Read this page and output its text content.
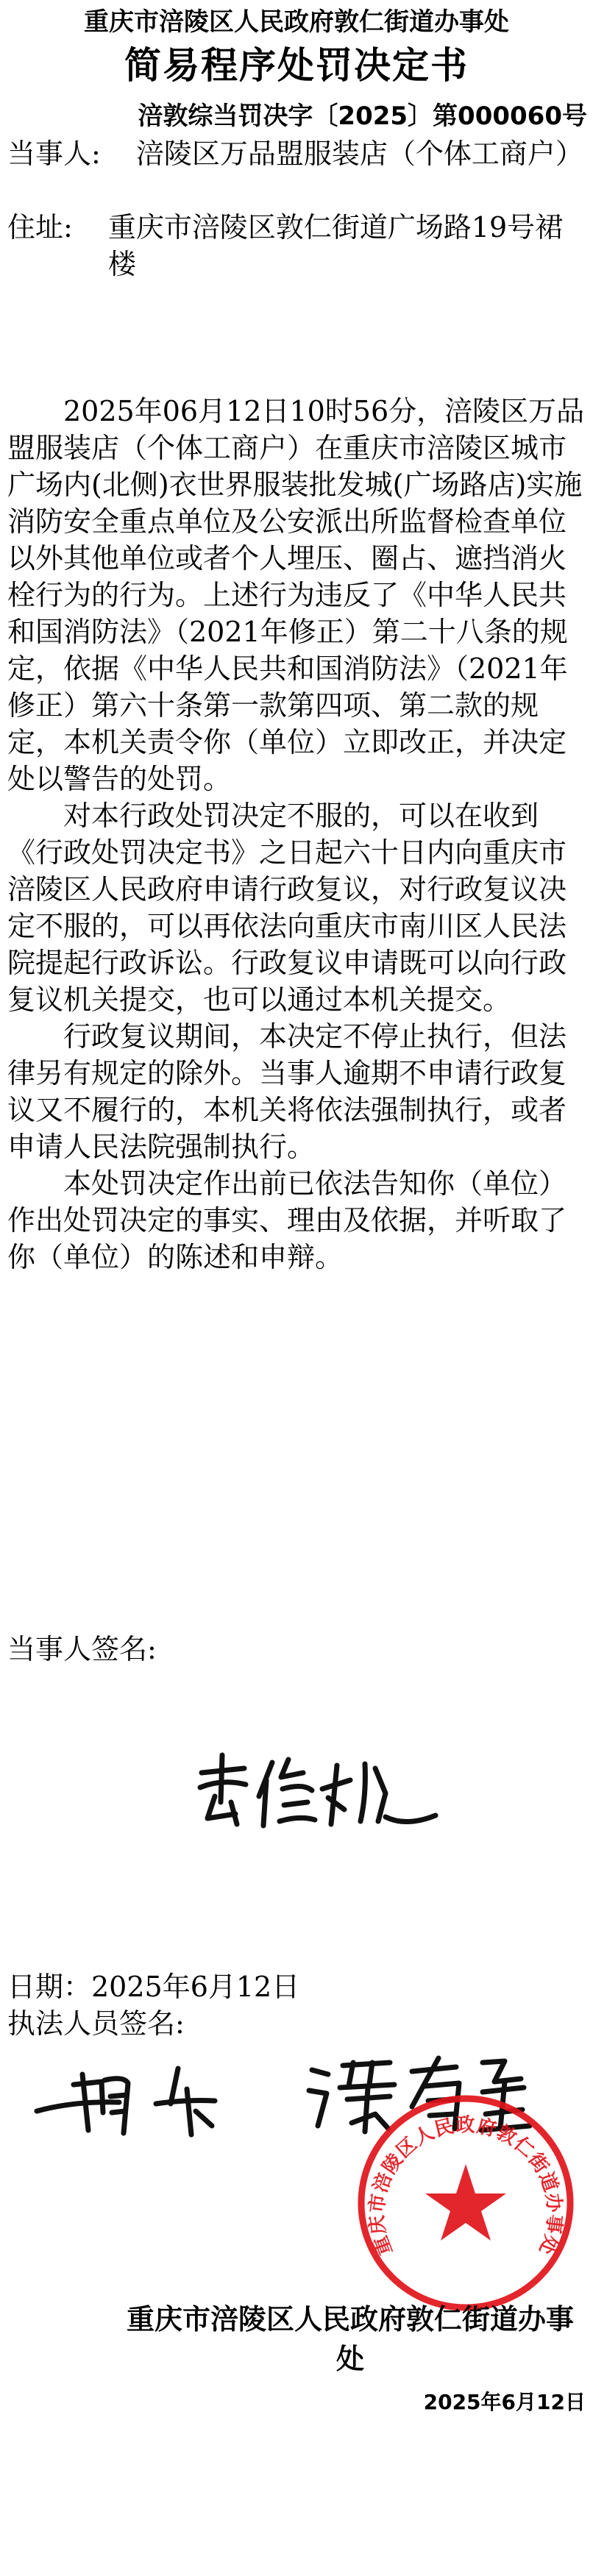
重庆市涪陵区人民政府敦仁街道办事处
简易程序处罚决定书
涪敦综当罚决字〔2025〕第000060号
当事人: 涪陵区万品盟服装店（个体工商户）
住址: 重庆市涪陵区敦仁街道广场路19号裙楼

2025年06月12日10时56分，涪陵区万品盟服装店（个体工商户）在重庆市涪陵区城市广场内(北侧)衣世界服装批发城(广场路店)实施消防安全重点单位及公安派出所监督检查单位以外其他单位或者个人埋压、圈占、遮挡消火栓行为的行为。上述行为违反了《中华人民共和国消防法》（2021年修正）第二十八条的规定，依据《中华人民共和国消防法》（2021年修正）第六十条第一款第四项、第二款的规定，本机关责令你（单位）立即改正，并决定处以警告的处罚。

对本行政处罚决定不服的，可以在收到《行政处罚决定书》之日起六十日内向重庆市涪陵区人民政府申请行政复议，对行政复议决定不服的，可以再依法向重庆市南川区人民法院提起行政诉讼。行政复议申请既可以向行政复议机关提交，也可以通过本机关提交。

行政复议期间，本决定不停止执行，但法律另有规定的除外。当事人逾期不申请行政复议又不履行的，本机关将依法强制执行，或者申请人民法院强制执行。

本处罚决定作出前已依法告知你（单位）作出处罚决定的事实、理由及依据，并听取了你（单位）的陈述和申辩。

当事人签名:
日期：2025年6月12日
执法人员签名:
重庆市涪陵区人民政府敦仁街道办事处
重庆市涪陵区人民政府敦仁街道办事处
2025年6月12日
